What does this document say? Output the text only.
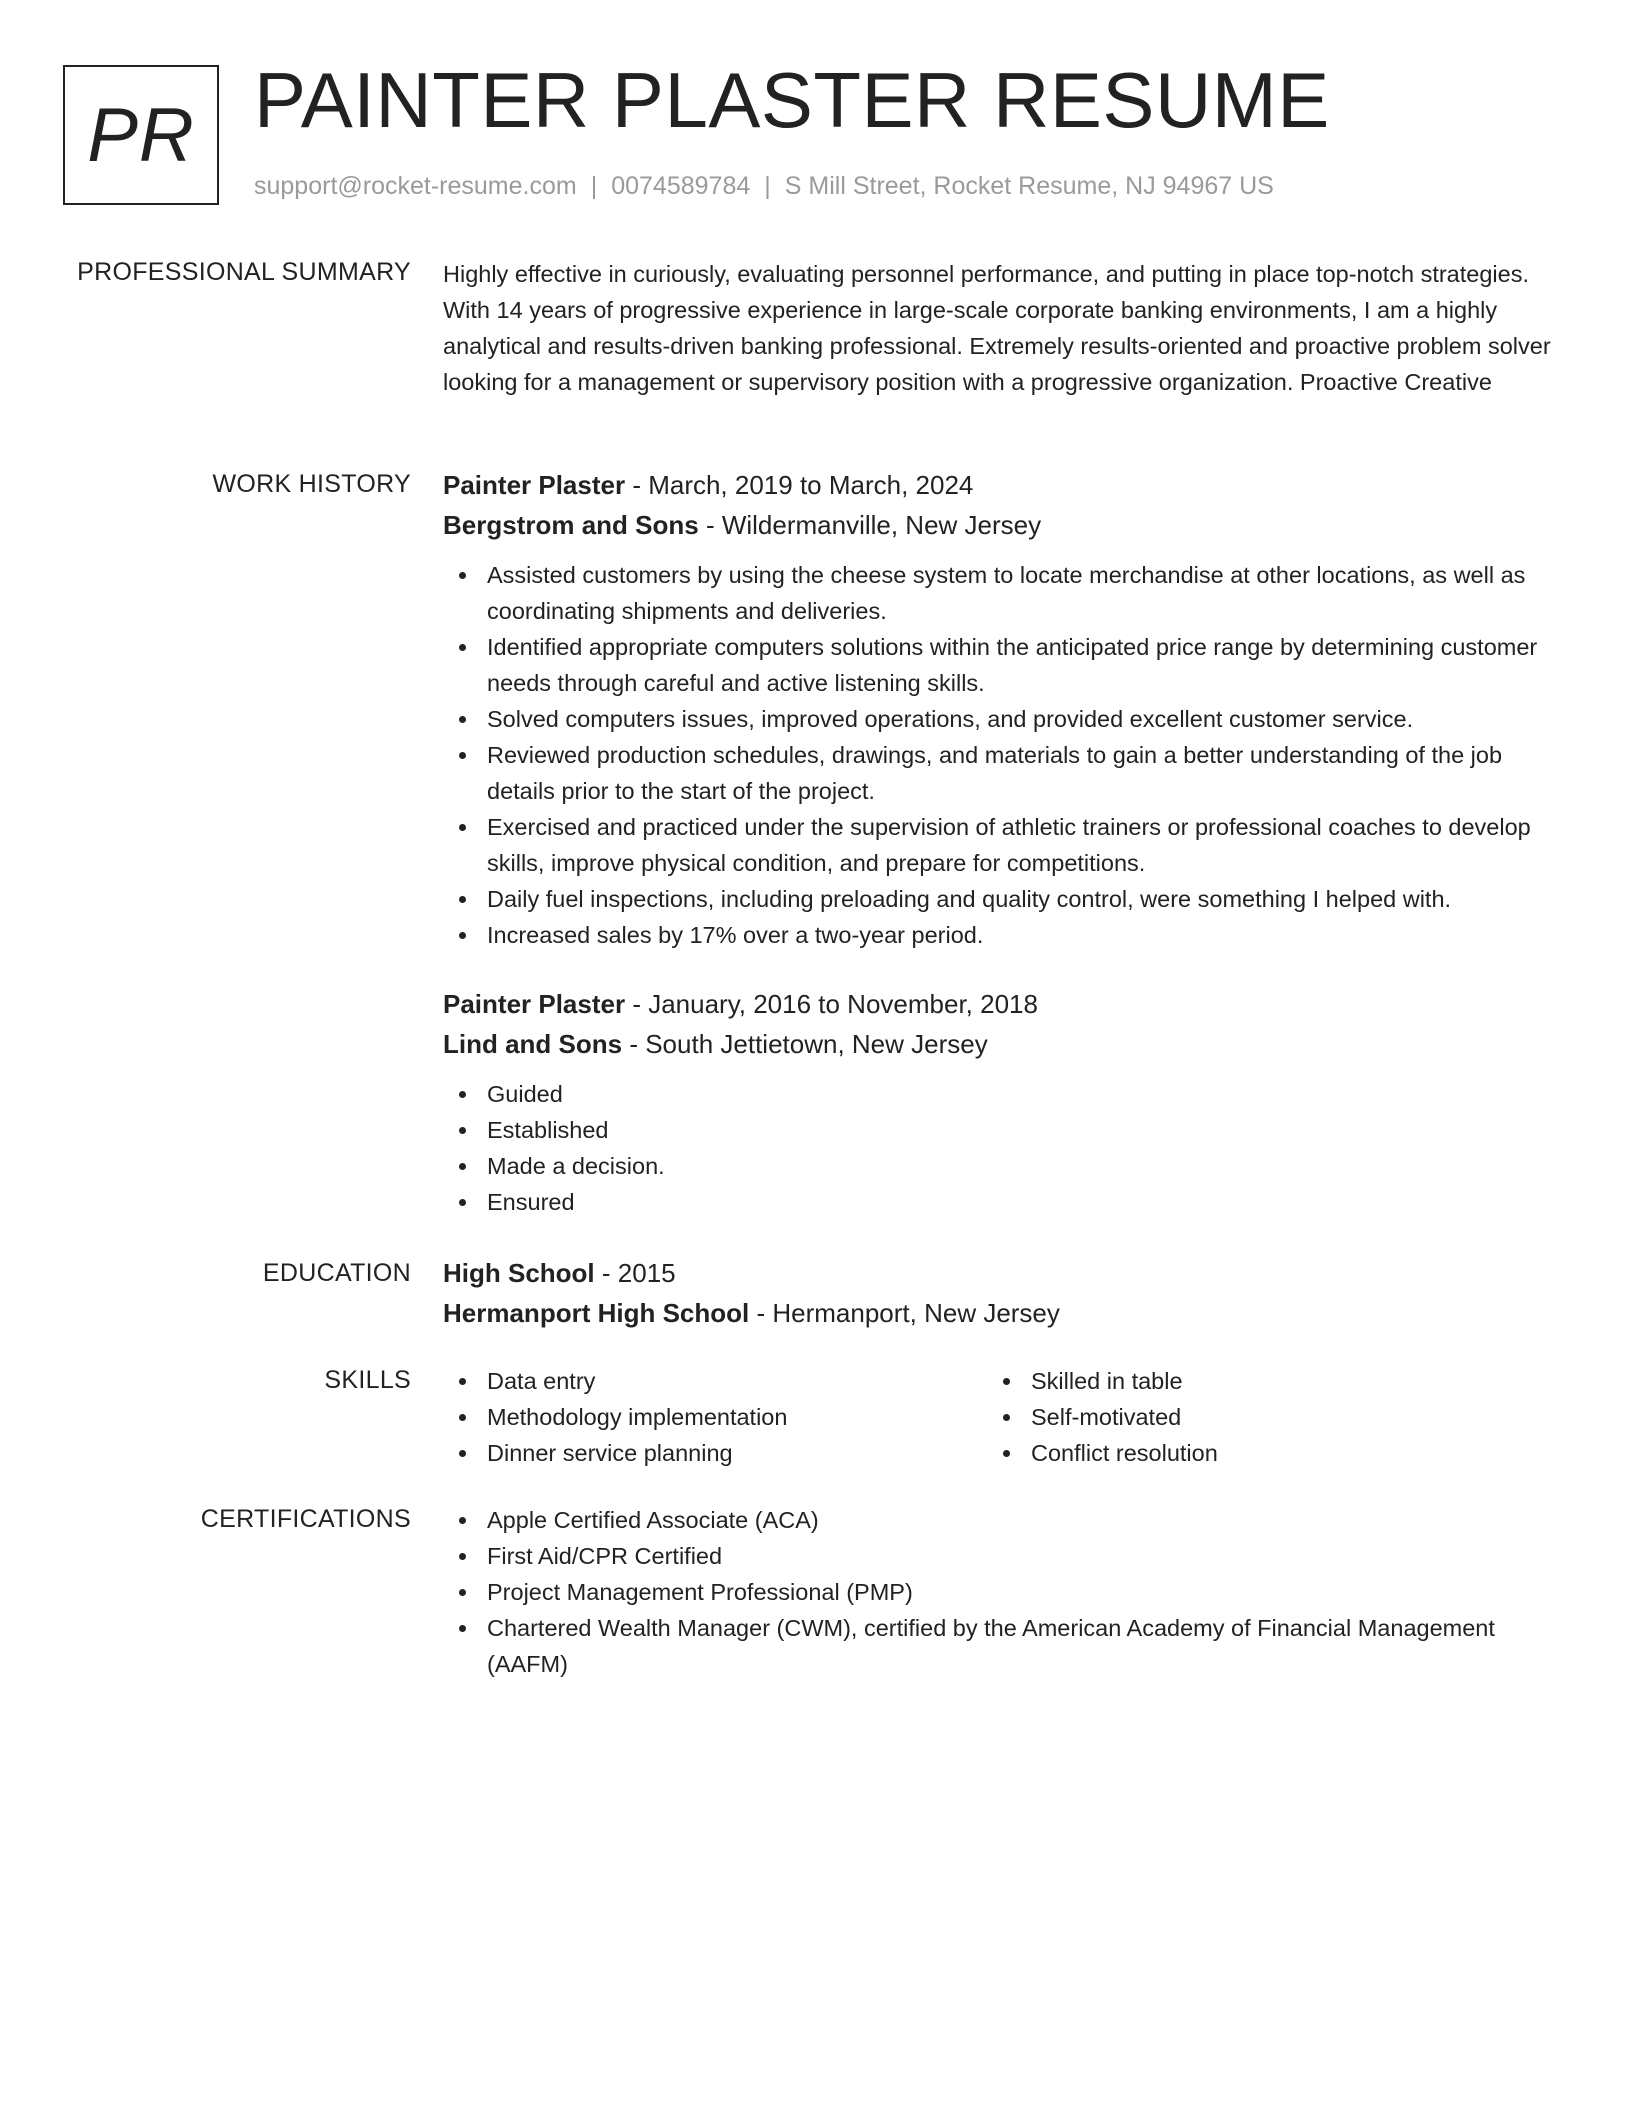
PR PAINTER PLASTER RESUME
support@rocket-resume.com | 0074589784 | S Mill Street, Rocket Resume, NJ 94967 US
PROFESSIONAL SUMMARY Highly effective in curiously, evaluating personnel performance, and putting in place top-notch strategies. With 14 years of progressive experience in large-scale corporate banking environments, I am a highly analytical and results-driven banking professional. Extremely results-oriented and proactive problem solver looking for a management or supervisory position with a progressive organization. Proactive Creative

WORK HISTORY Painter Plaster - March, 2019 to March, 2024

Bergstrom and Sons - Wildermanville, New Jersey

Assisted customers by using the cheese system to locate merchandise at other locations, as well as coordinating shipments and deliveries.
Identified appropriate computers solutions within the anticipated price range by determining customer needs through careful and active listening skills.
Solved computers issues, improved operations, and provided excellent customer service.
Reviewed production schedules, drawings, and materials to gain a better understanding of the job details prior to the start of the project.
Exercised and practiced under the supervision of athletic trainers or professional coaches to develop skills, improve physical condition, and prepare for competitions.
Daily fuel inspections, including preloading and quality control, were something I helped with.
Increased sales by 17% over a two-year period.

Painter Plaster - January, 2016 to November, 2018

Lind and Sons - South Jettietown, New Jersey

Guided
Established
Made a decision.
Ensured
EDUCATION High School - 2015

Hermanport High School - Hermanport, New Jersey

SKILLS	Data entry
Methodology implementation
Dinner service planning
Skilled in table
Self-motivated
Conflict resolution
CERTIFICATIONS	Apple Certified Associate (ACA)
First Aid/CPR Certified
Project Management Professional (PMP)
Chartered Wealth Manager (CWM), certified by the American Academy of Financial Management (AAFM)
